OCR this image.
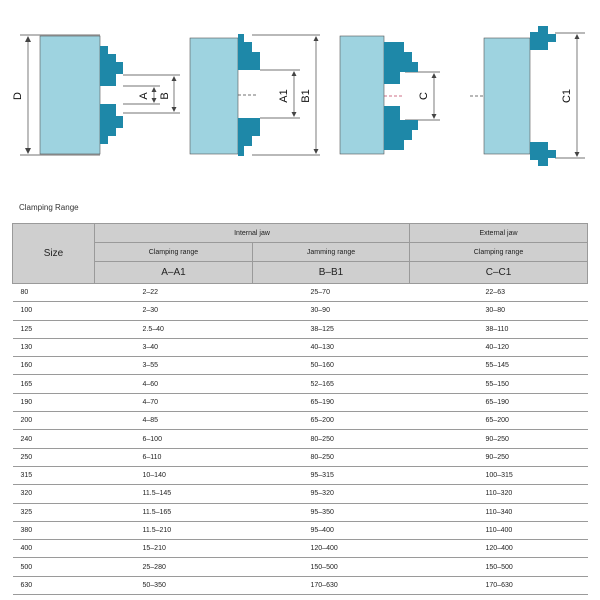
D	A B	A1 B1	C	C1
Clamping Range
Size	Internal jaw		External jaw
	Clamping range	Jamming range	Clamping range
	A–A1	B–B1	C–C1
80	2–22	25–70	22–63
100	2–30	30–90	30–80
125	2.5–40	38–125	38–110
130	3–40	40–130	40–120
160	3–55	50–160	55–145
165	4–60	52–165	55–150
190	4–70	65–190	65–190
200	4–85	65–200	65–200
240	6–100	80–250	90–250
250	6–110	80–250	90–250
315	10–140	95–315	100–315
320	11.5–145	95–320	110–320
325	11.5–165	95–350	110–340
380	11.5–210	95–400	110–400
400	15–210	120–400	120–400
500	25–280	150–500	150–500
630	50–350	170–630	170–630
